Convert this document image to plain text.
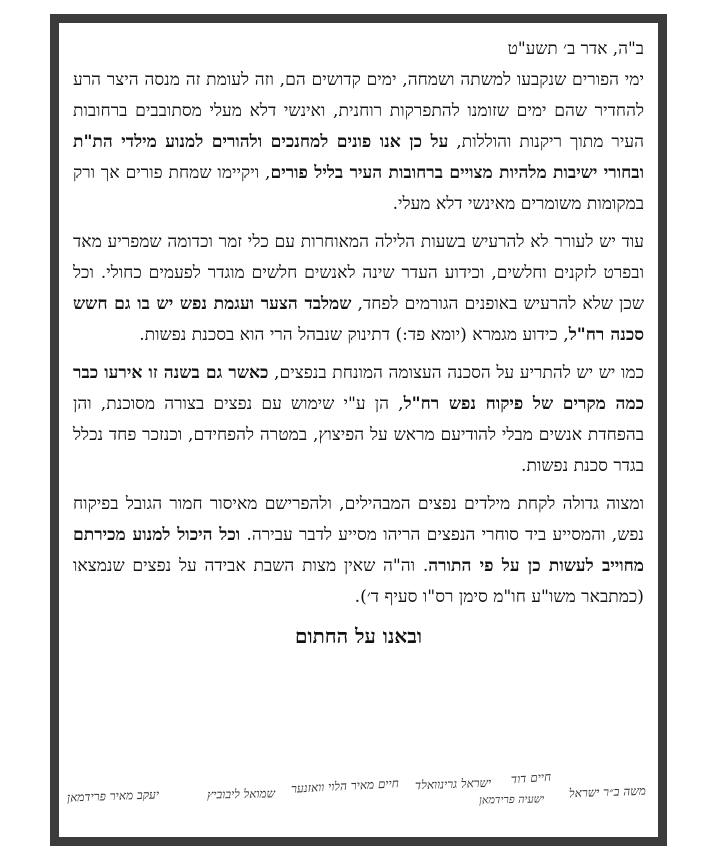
ב"ה, אדר ב׳ תשע"ט

ימי הפורים שנקבעו למשתה ושמחה, ימים קדושים הם, וזה לעומת זה מנסה היצר הרע להחדיר שהם ימים שזומנו להתפרקות רוחנית, ואינשי דלא מעלי מסתובבים ברחובות העיר מתוך ריקנות והוללות, על כן אנו פונים למחנכים ולהורים למנוע מילדי הת"ת ובחורי ישיבות מלהיות מצויים ברחובות העיר בליל פורים, ויקיימו שמחת פורים אך ורק במקומות משומרים מאינשי דלא מעלי.

עוד יש לעורר לא להרעיש בשעות הלילה המאוחרות עם כלי זמר וכדומה שמפריע מאד ובפרט לזקנים וחלשים, וכידוע העדר שינה לאנשים חלשים מוגדר לפעמים כחולי. וכל שכן שלא להרעיש באופנים הגורמים לפחד, שמלבד הצער ועגמת נפש יש בו גם חשש סכנה רח"ל, כידוע מגמרא (יומא פד:) דתינוק שנבהל הרי הוא בסכנת נפשות.

כמו יש יש להתריע על הסכנה העצומה המונחת בנפצים, כאשר גם בשנה זו אירעו כבר כמה מקרים של פיקוח נפש רח"ל, הן ע"י שימוש עם נפצים בצורה מסוכנת, והן בהפחדת אנשים מבלי להודיעם מראש על הפיצוץ, במטרה להפחידם, וכנזכר פחד נכלל בגדר סכנת נפשות.

ומצוה גדולה לקחת מילדים נפצים המבהילים, ולהפרישם מאיסור חמור הגובל בפיקוח נפש, והמסייע ביד סוחרי הנפצים הריהו מסייע לדבר עבירה. וכל היכול למנוע מכירתם מחוייב לעשות כן על פי התורה. וה"ה שאין מצות השבת אבידה על נפצים שנמצאו (כמתבאר משו"ע חו"מ סימן רס"ו סעיף ד׳).

ובאנו על החתום

יעקב מאיר פרידמאן	שמואל ליבוביץ חיים מאיר הלוי וואזנער ישראל גרינוואלד חיים דוד
משה ב״ר ישראל
ישעיה פרידמאן
